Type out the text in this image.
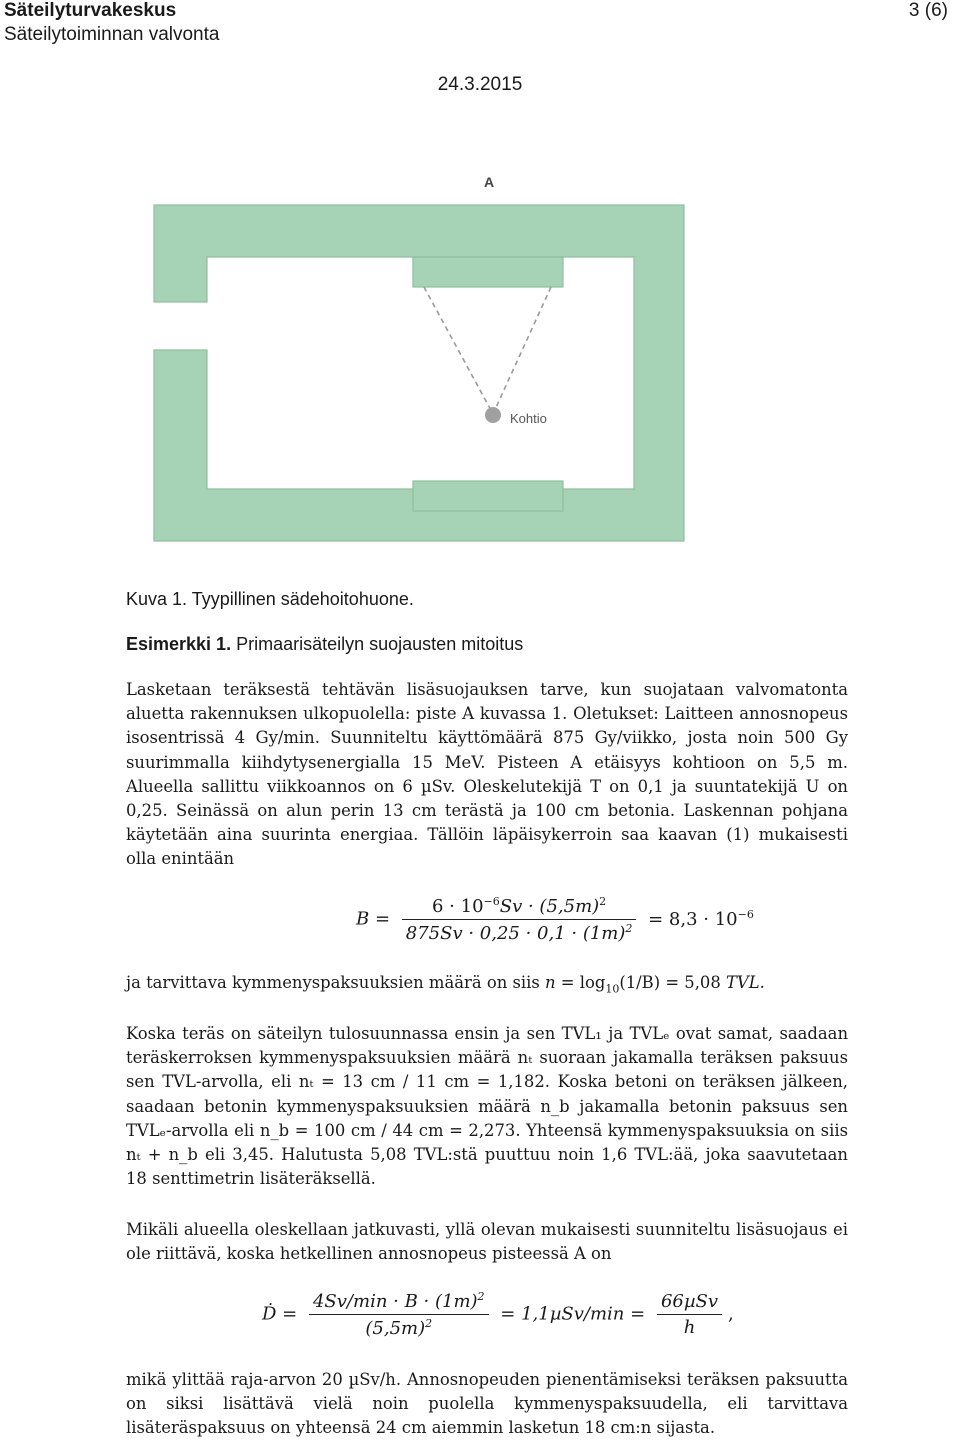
Säteilyturvakeskus
Säteilytoiminnan valvonta
3 (6)
24.3.2015
A
Kohtio
Kuva 1. Tyypillinen sädehoitohuone.
Esimerkki 1. Primaarisäteilyn suojausten mitoitus

Lasketaan teräksestä tehtävän lisäsuojauksen tarve, kun suojataan valvomatonta aluetta rakennuksen ulkopuolella: piste A kuvassa 1. Oletukset: Laitteen annosnopeus isosentrissä 4 Gy/min. Suunniteltu käyttömäärä 875 Gy/viikko, josta noin 500 Gy suurimmalla kiihdytysenergialla 15 MeV. Pisteen A etäisyys kohtioon on 5,5 m. Alueella sallittu viikkoannos on 6 µSv. Oleskelutekijä T on 0,1 ja suuntatekijä U on 0,25. Seinässä on alun perin 13 cm terästä ja 100 cm betonia. Laskennan pohjana käytetään aina suurinta energiaa. Tällöin läpäisykerroin saa kaavan (1) mukaisesti olla enintään

$B = \frac{6 \cdot 10^{-6}Sv \cdot (5,5m)^2}{875Sv \cdot 0,25 \cdot 0,1 \cdot (1m)^2} = 8,3 \cdot 10^{-6}$
ja tarvittava kymmenyspaksuuksien määrä on siis $n = \log_{10}(1/B) = 5,08$ TVL.

Koska teräs on säteilyn tulosuunnassa ensin ja sen TVL₁ ja TVLₑ ovat samat, saadaan teräskerroksen kymmenyspaksuuksien määrä nₜ suoraan jakamalla teräksen paksuus sen TVL-arvolla, eli nₜ = 13 cm / 11 cm = 1,182. Koska betoni on teräksen jälkeen, saadaan betonin kymmenyspaksuuksien määrä n_b jakamalla betonin paksuus sen TVLₑ-arvolla eli n_b = 100 cm / 44 cm = 2,273. Yhteensä kymmenyspaksuuksia on siis nₜ + n_b eli 3,45. Halutusta 5,08 TVL:stä puuttuu noin 1,6 TVL:ää, joka saavutetaan 18 senttimetrin lisäteräksellä.

Mikäli alueella oleskellaan jatkuvasti, yllä olevan mukaisesti suunniteltu lisäsuojaus ei ole riittävä, koska hetkellinen annosnopeus pisteessä A on

Ḋ = $\frac{4Sv/\min \cdot B \cdot (1m)^2}{(5,5m)^2} = 1,1\mu Sv/\min = \frac{\text{66µSv}}{h}$ ,

mikä ylittää raja-arvon 20 µSv/h. Annosnopeuden pienentämiseksi teräksen paksuutta on siksi lisättävä vielä noin puolella kymmenyspaksuudella, eli tarvittava lisäteräspaksuus on yhteensä 24 cm aiemmin lasketun 18 cm:n sijasta.
